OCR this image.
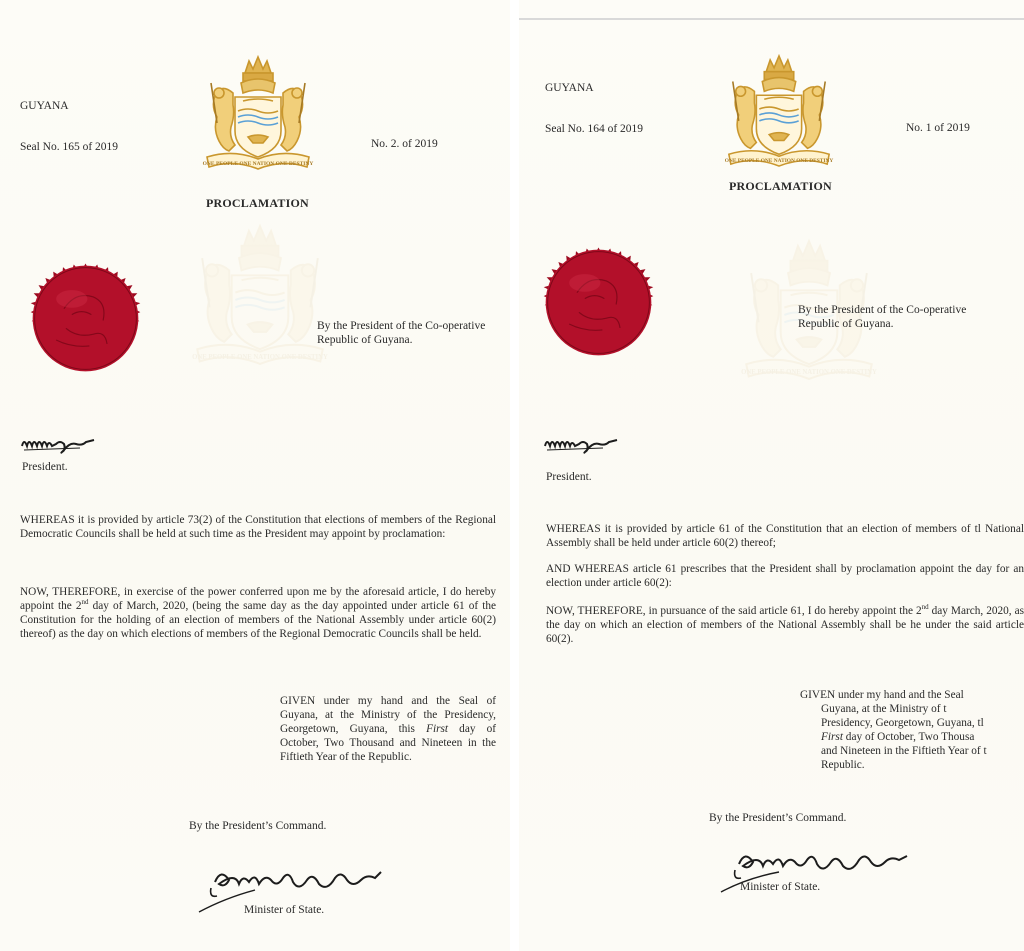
GUYANA
Seal No. 165 of 2019	No. 2. of 2019
PROCLAMATION
By the President of the Co-operative
Republic of Guyana.
President.
WHEREAS it is provided by article 73(2) of the Constitution that elections of members of the Regional Democratic Councils shall be held at such time as the President may appoint by proclamation:
NOW, THEREFORE, in exercise of the power conferred upon me by the aforesaid article, I do hereby appoint the 2nd day of March, 2020, (being the same day as the day appointed under article 61 of the Constitution for the holding of an election of members of the National Assembly under article 60(2) thereof) as the day on which elections of members of the Regional Democratic Councils shall be held.
GIVEN under my hand and the Seal of Guyana, at the Ministry of the Presidency, Georgetown, Guyana, this First day of October, Two Thousand and Nineteen in the Fiftieth Year of the Republic.
By the President’s Command.
Minister of State.
GUYANA
Seal No. 164 of 2019	No. 1 of 2019
PROCLAMATION
By the President of the Co-operative
Republic of Guyana.
President.
WHEREAS it is provided by article 61 of the Constitution that an election of members of tl National Assembly shall be held under article 60(2) thereof;
AND WHEREAS article 61 prescribes that the President shall by proclamation appoint the day for an election under article 60(2):
NOW, THEREFORE, in pursuance of the said article 61, I do hereby appoint the 2nd day March, 2020, as the day on which an election of members of the National Assembly shall be he under the said article 60(2).

GIVEN under my hand and the Seal

Guyana, at the Ministry of t

Presidency, Georgetown, Guyana, tl

First day of October, Two Thousa

and Nineteen in the Fiftieth Year of t

Republic.

By the President’s Command.
Minister of State.
